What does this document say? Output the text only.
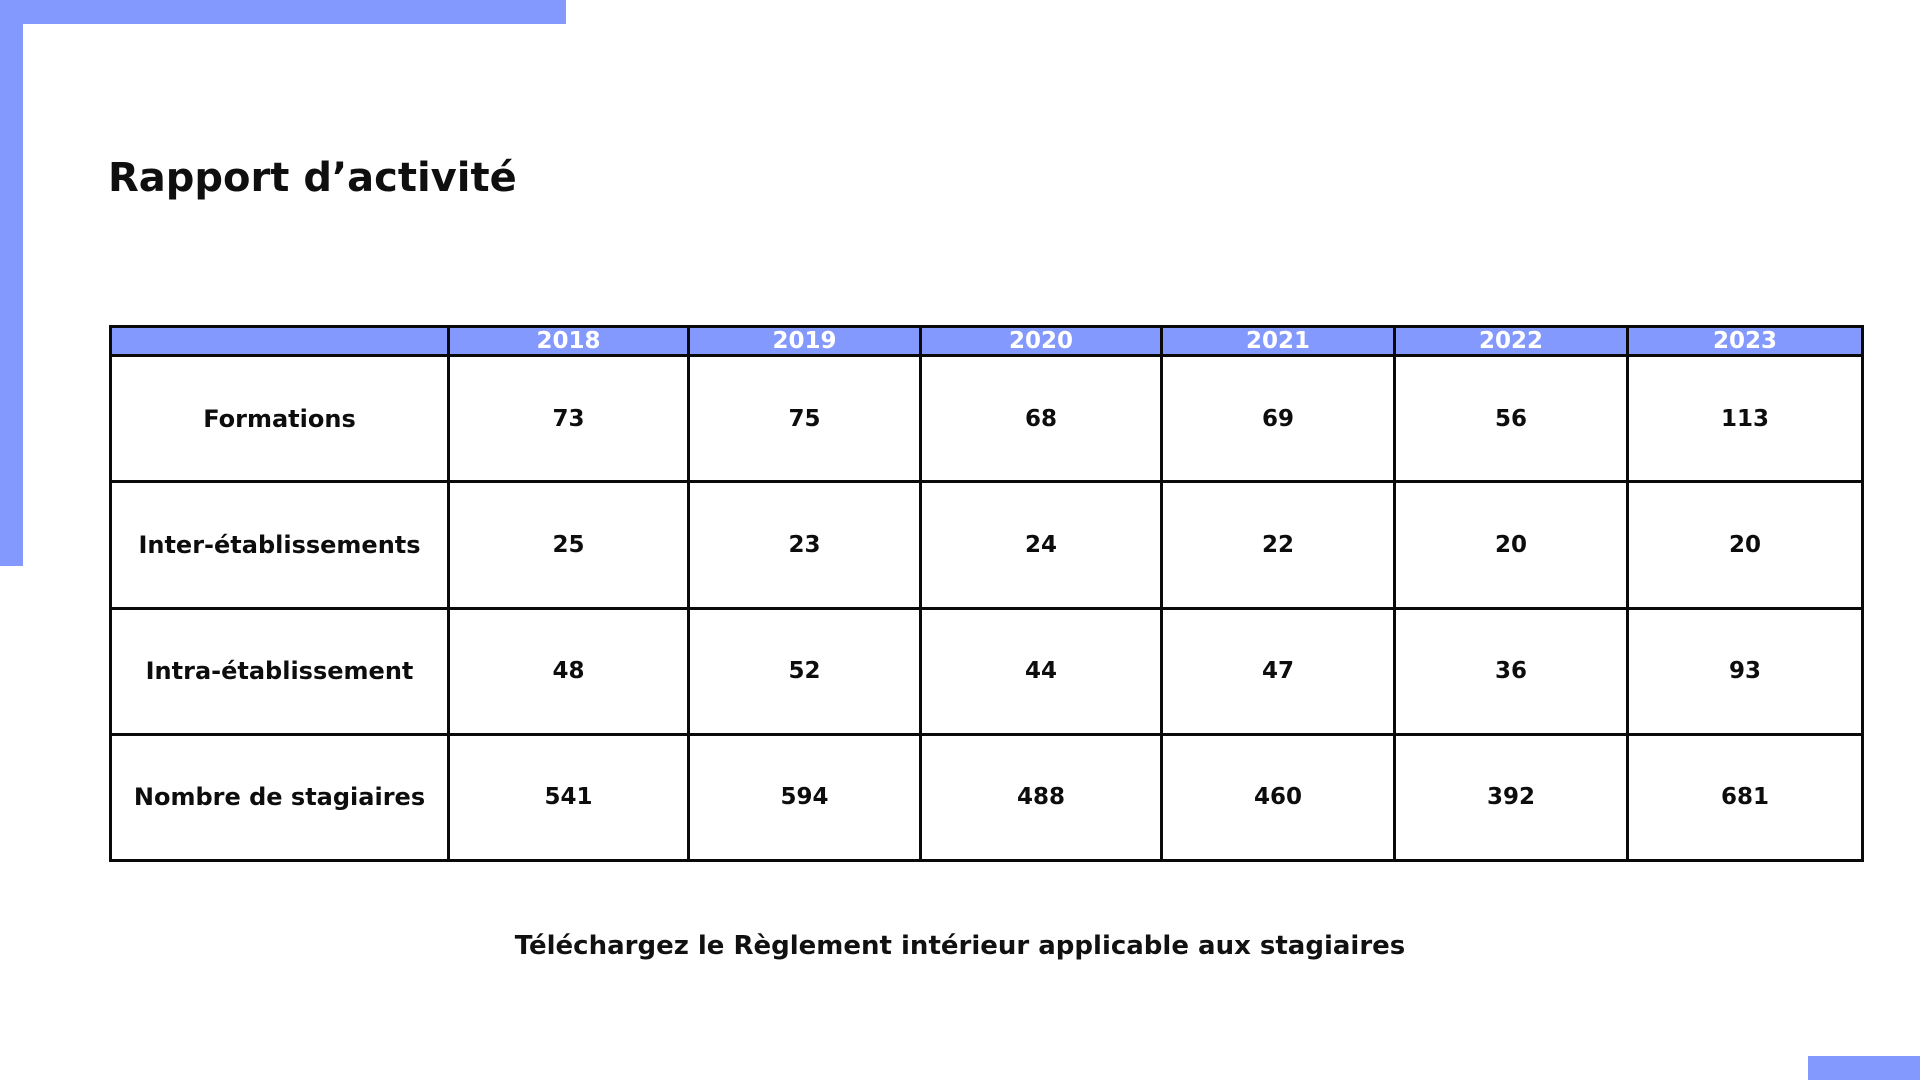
Rapport d’activité
	2018	2019	2020	2021	2022	2023
Formations	73	75	68	69	56	113
Inter-établissements	25	23	24	22	20	20
Intra-établissement	48	52	44	47	36	93
Nombre de stagiaires	541	594	488	460	392	681
Téléchargez le Règlement intérieur applicable aux stagiaires
